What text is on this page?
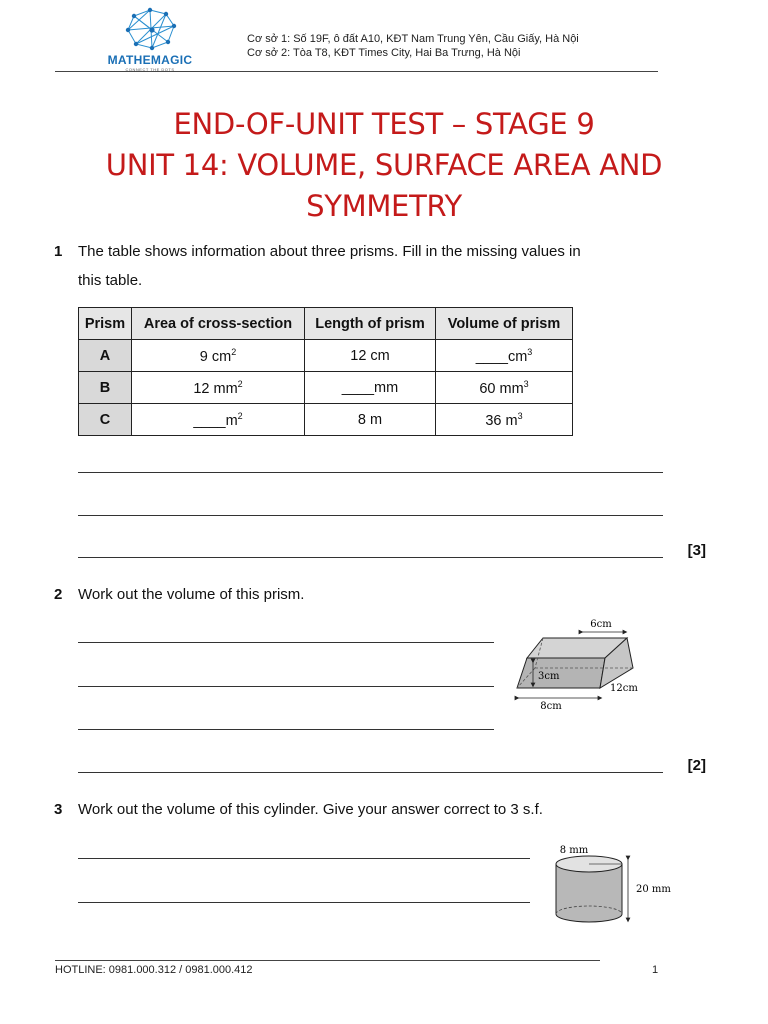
MATHEMAGIC
CONNECT THE DOTS
Cơ sở 1: Số 19F, ô đất A10, KĐT Nam Trung Yên, Cầu Giấy, Hà Nội
Cơ sở 2: Tòa T8, KĐT Times City, Hai Ba Trưng, Hà Nội
END-OF-UNIT TEST – STAGE 9
UNIT 14: VOLUME, SURFACE AREA AND
SYMMETRY
1 The table shows information about three prisms. Fill in the missing values in
this table.
Prism	Area of cross-section	Length of prism	Volume of prism
A	9 $cm^2$	12 cm	$\_\_\_\_cm^3$
B	12 $mm^2$	____mm	60 $mm^3$
C	$\_\_\_\_m^2$	8 m	36 $m^3$
[3]
2 Work out the volume of this prism.
[2]
6cm
3cm
12cm
8cm
3 Work out the volume of this cylinder. Give your answer correct to 3 s.f.
8 mm
20 mm
HOTLINE: 0981.000.312 / 0981.000.412	1
